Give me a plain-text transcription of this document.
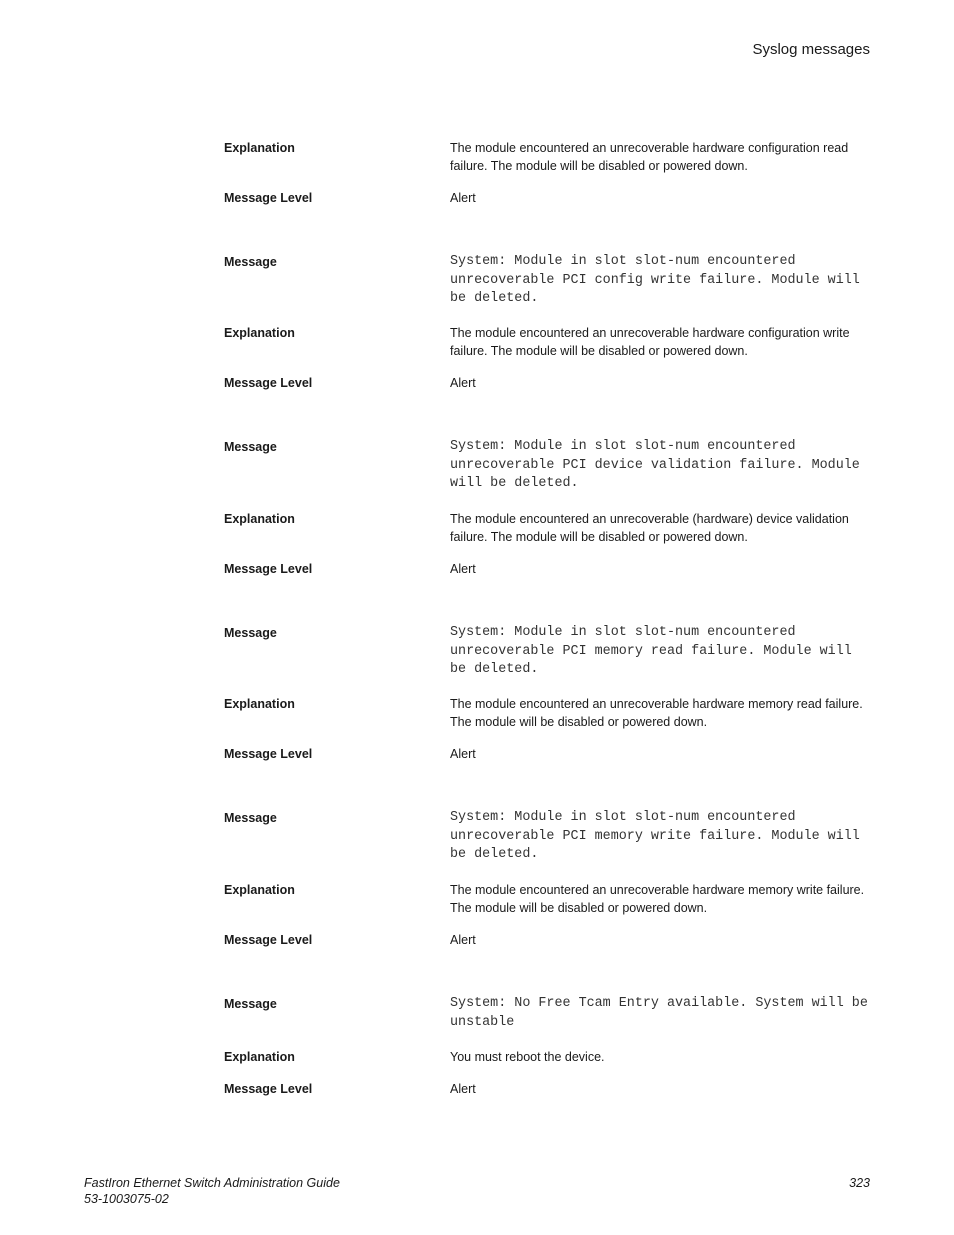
Syslog messages
Explanation	The module encountered an unrecoverable hardware configuration read failure. The module will be disabled or powered down.
Message Level	Alert
Message	System: Module in slot slot-num encountered unrecoverable PCI config write failure. Module will be deleted.
Explanation	The module encountered an unrecoverable hardware configuration write failure. The module will be disabled or powered down.
Message Level	Alert
Message	System: Module in slot slot-num encountered unrecoverable PCI device validation failure. Module will be deleted.
Explanation	The module encountered an unrecoverable (hardware) device validation failure. The module will be disabled or powered down.
Message Level	Alert
Message	System: Module in slot slot-num encountered unrecoverable PCI memory read failure. Module will be deleted.
Explanation	The module encountered an unrecoverable hardware memory read failure. The module will be disabled or powered down.
Message Level	Alert
Message	System: Module in slot slot-num encountered unrecoverable PCI memory write failure. Module will be deleted.
Explanation	The module encountered an unrecoverable hardware memory write failure. The module will be disabled or powered down.
Message Level	Alert
Message	System: No Free Tcam Entry available. System will be unstable
Explanation	You must reboot the device.
Message Level	Alert
FastIron Ethernet Switch Administration Guide
53-1003075-02
323
